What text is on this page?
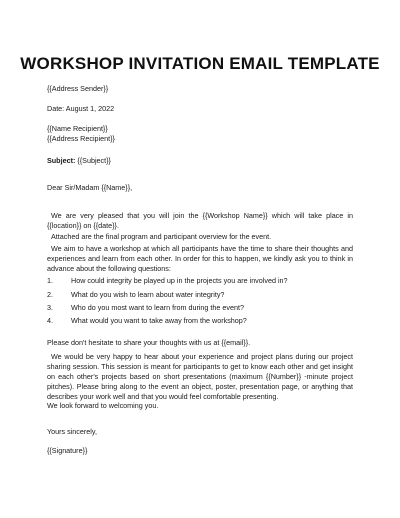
WORKSHOP INVITATION EMAIL TEMPLATE
{{Address Sender}}
Date: August 1, 2022
{{Name Recipient}}
{{Address Recipient}}
Subject: {{Subject}}
Dear Sir/Madam {{Name}},

We are very pleased that you will join the {{Workshop Name}} which will take place in {{location}} on {{date}}.

Attached are the final program and participant overview for the event.

We aim to have a workshop at which all participants have the time to share their thoughts and experiences and learn from each other. In order for this to happen, we kindly ask you to think in advance about the following questions:

1.	How could integrity be played up in the projects you are involved in?
2.	What do you wish to learn about water integrity?
3.	Who do you most want to learn from during the event?
4.	What would you want to take away from the workshop?

Please don't hesitate to share your thoughts with us at {{email}}.

We would be very happy to hear about your experience and project plans during our project sharing session. This session is meant for participants to get to know each other and get insight on each other's projects based on short presentations (maximum {{Number}} -minute project pitches). Please bring along to the event an object, poster, presentation page, or anything that describes your work well and that you would feel comfortable presenting.

We look forward to welcoming you.

Yours sincerely,
{{Signature}}
